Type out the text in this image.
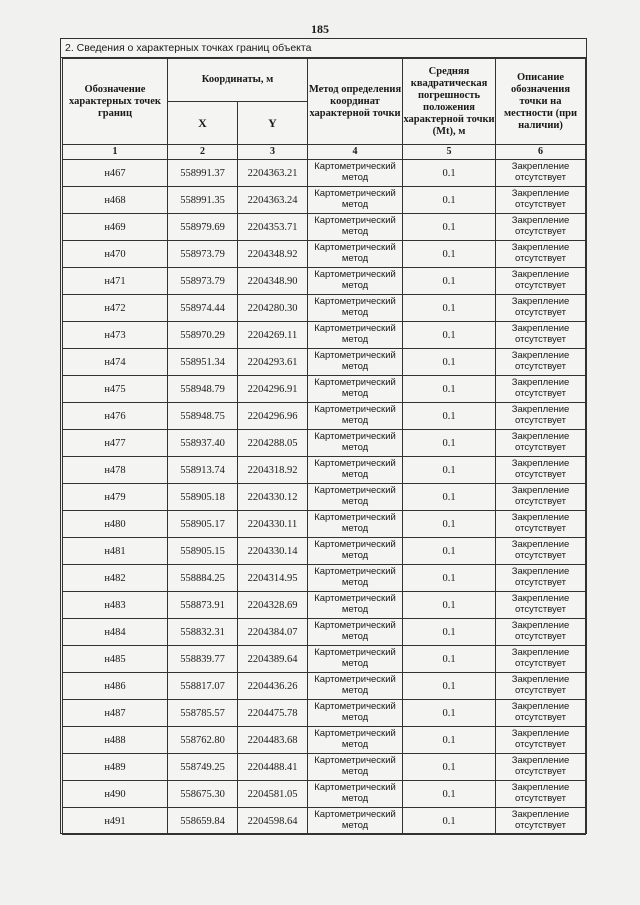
185
2. Сведения о характерных точках границ объекта
Обозначение характерных точек границ	Координаты, м		Метод определения координат характерной точки	Средняя квадратическая погрешность положения характерной точки (Mt), м	Описание обозначения точки на местности (при наличии)
	X	Y			
1	2	3	4	5	6
н467	558991.37	2204363.21	Картометрический метод	0.1	Закрепление отсутствует
н468	558991.35	2204363.24	Картометрический метод	0.1	Закрепление отсутствует
н469	558979.69	2204353.71	Картометрический метод	0.1	Закрепление отсутствует
н470	558973.79	2204348.92	Картометрический метод	0.1	Закрепление отсутствует
н471	558973.79	2204348.90	Картометрический метод	0.1	Закрепление отсутствует
н472	558974.44	2204280.30	Картометрический метод	0.1	Закрепление отсутствует
н473	558970.29	2204269.11	Картометрический метод	0.1	Закрепление отсутствует
н474	558951.34	2204293.61	Картометрический метод	0.1	Закрепление отсутствует
н475	558948.79	2204296.91	Картометрический метод	0.1	Закрепление отсутствует
н476	558948.75	2204296.96	Картометрический метод	0.1	Закрепление отсутствует
н477	558937.40	2204288.05	Картометрический метод	0.1	Закрепление отсутствует
н478	558913.74	2204318.92	Картометрический метод	0.1	Закрепление отсутствует
н479	558905.18	2204330.12	Картометрический метод	0.1	Закрепление отсутствует
н480	558905.17	2204330.11	Картометрический метод	0.1	Закрепление отсутствует
н481	558905.15	2204330.14	Картометрический метод	0.1	Закрепление отсутствует
н482	558884.25	2204314.95	Картометрический метод	0.1	Закрепление отсутствует
н483	558873.91	2204328.69	Картометрический метод	0.1	Закрепление отсутствует
н484	558832.31	2204384.07	Картометрический метод	0.1	Закрепление отсутствует
н485	558839.77	2204389.64	Картометрический метод	0.1	Закрепление отсутствует
н486	558817.07	2204436.26	Картометрический метод	0.1	Закрепление отсутствует
н487	558785.57	2204475.78	Картометрический метод	0.1	Закрепление отсутствует
н488	558762.80	2204483.68	Картометрический метод	0.1	Закрепление отсутствует
н489	558749.25	2204488.41	Картометрический метод	0.1	Закрепление отсутствует
н490	558675.30	2204581.05	Картометрический метод	0.1	Закрепление отсутствует
н491	558659.84	2204598.64	Картометрический метод	0.1	Закрепление отсутствует
